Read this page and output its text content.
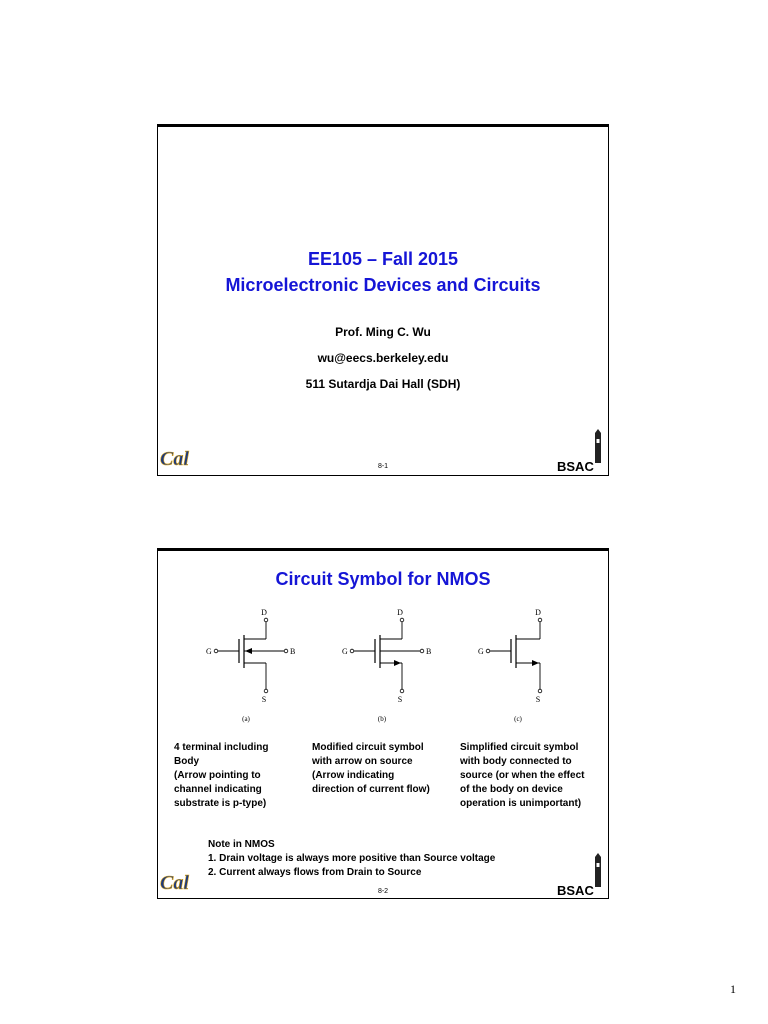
EE105 – Fall 2015
Microelectronic Devices and Circuits
Prof. Ming C. Wu
wu@eecs.berkeley.edu
511 Sutardja Dai Hall (SDH)
Cal	8-1	BSAC
Circuit Symbol for NMOS
D
G	B
S
(a)
D
G	B
S
(b)
D
G
S
(c)
4 terminal including
Body
(Arrow pointing to
channel indicating
substrate is p-type)
Modified circuit symbol
with arrow on source
(Arrow indicating
direction of current flow)
Simplified circuit symbol
with body connected to
source (or when the effect
of the body on device
operation is unimportant)
Note in NMOS
1. Drain voltage is always more positive than Source voltage
2. Current always flows from Drain to Source
Cal	8-2	BSAC
1
